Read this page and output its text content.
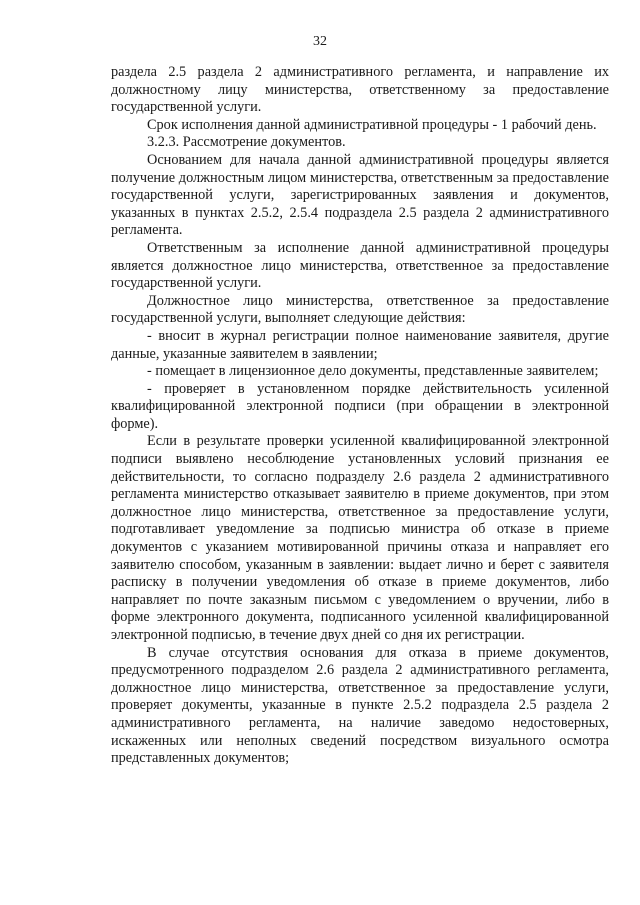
32

раздела 2.5 раздела 2 административного регламента, и направление их должностному лицу министерства, ответственному за предоставление государственной услуги.

Срок исполнения данной административной процедуры - 1 рабочий день.

3.2.3. Рассмотрение документов.

Основанием для начала данной административной процедуры является получение должностным лицом министерства, ответственным за предоставление государственной услуги, зарегистрированных заявления и документов, указанных в пунктах 2.5.2, 2.5.4 подраздела 2.5 раздела 2 административного регламента.

Ответственным за исполнение данной административной процедуры является должностное лицо министерства, ответственное за предоставление государственной услуги.

Должностное лицо министерства, ответственное за предоставление государственной услуги, выполняет следующие действия:

- вносит в журнал регистрации полное наименование заявителя, другие данные, указанные заявителем в заявлении;

- помещает в лицензионное дело документы, представленные заявителем;

- проверяет в установленном порядке действительность усиленной квалифицированной электронной подписи (при обращении в электронной форме).

Если в результате проверки усиленной квалифицированной электронной подписи выявлено несоблюдение установленных условий признания ее действительности, то согласно подразделу 2.6 раздела 2 административного регламента министерство отказывает заявителю в приеме документов, при этом должностное лицо министерства, ответственное за предоставление услуги, подготавливает уведомление за подписью министра об отказе в приеме документов с указанием мотивированной причины отказа и направляет его заявителю способом, указанным в заявлении: выдает лично и берет с заявителя расписку в получении уведомления об отказе в приеме документов, либо направляет по почте заказным письмом с уведомлением о вручении, либо в форме электронного документа, подписанного усиленной квалифицированной электронной подписью, в течение двух дней со дня их регистрации.

В случае отсутствия основания для отказа в приеме документов, предусмотренного подразделом 2.6 раздела 2 административного регламента, должностное лицо министерства, ответственное за предоставление услуги, проверяет документы, указанные в пункте 2.5.2 подраздела 2.5 раздела 2 административного регламента, на наличие заведомо недостоверных, искаженных или неполных сведений посредством визуального осмотра представленных документов;
